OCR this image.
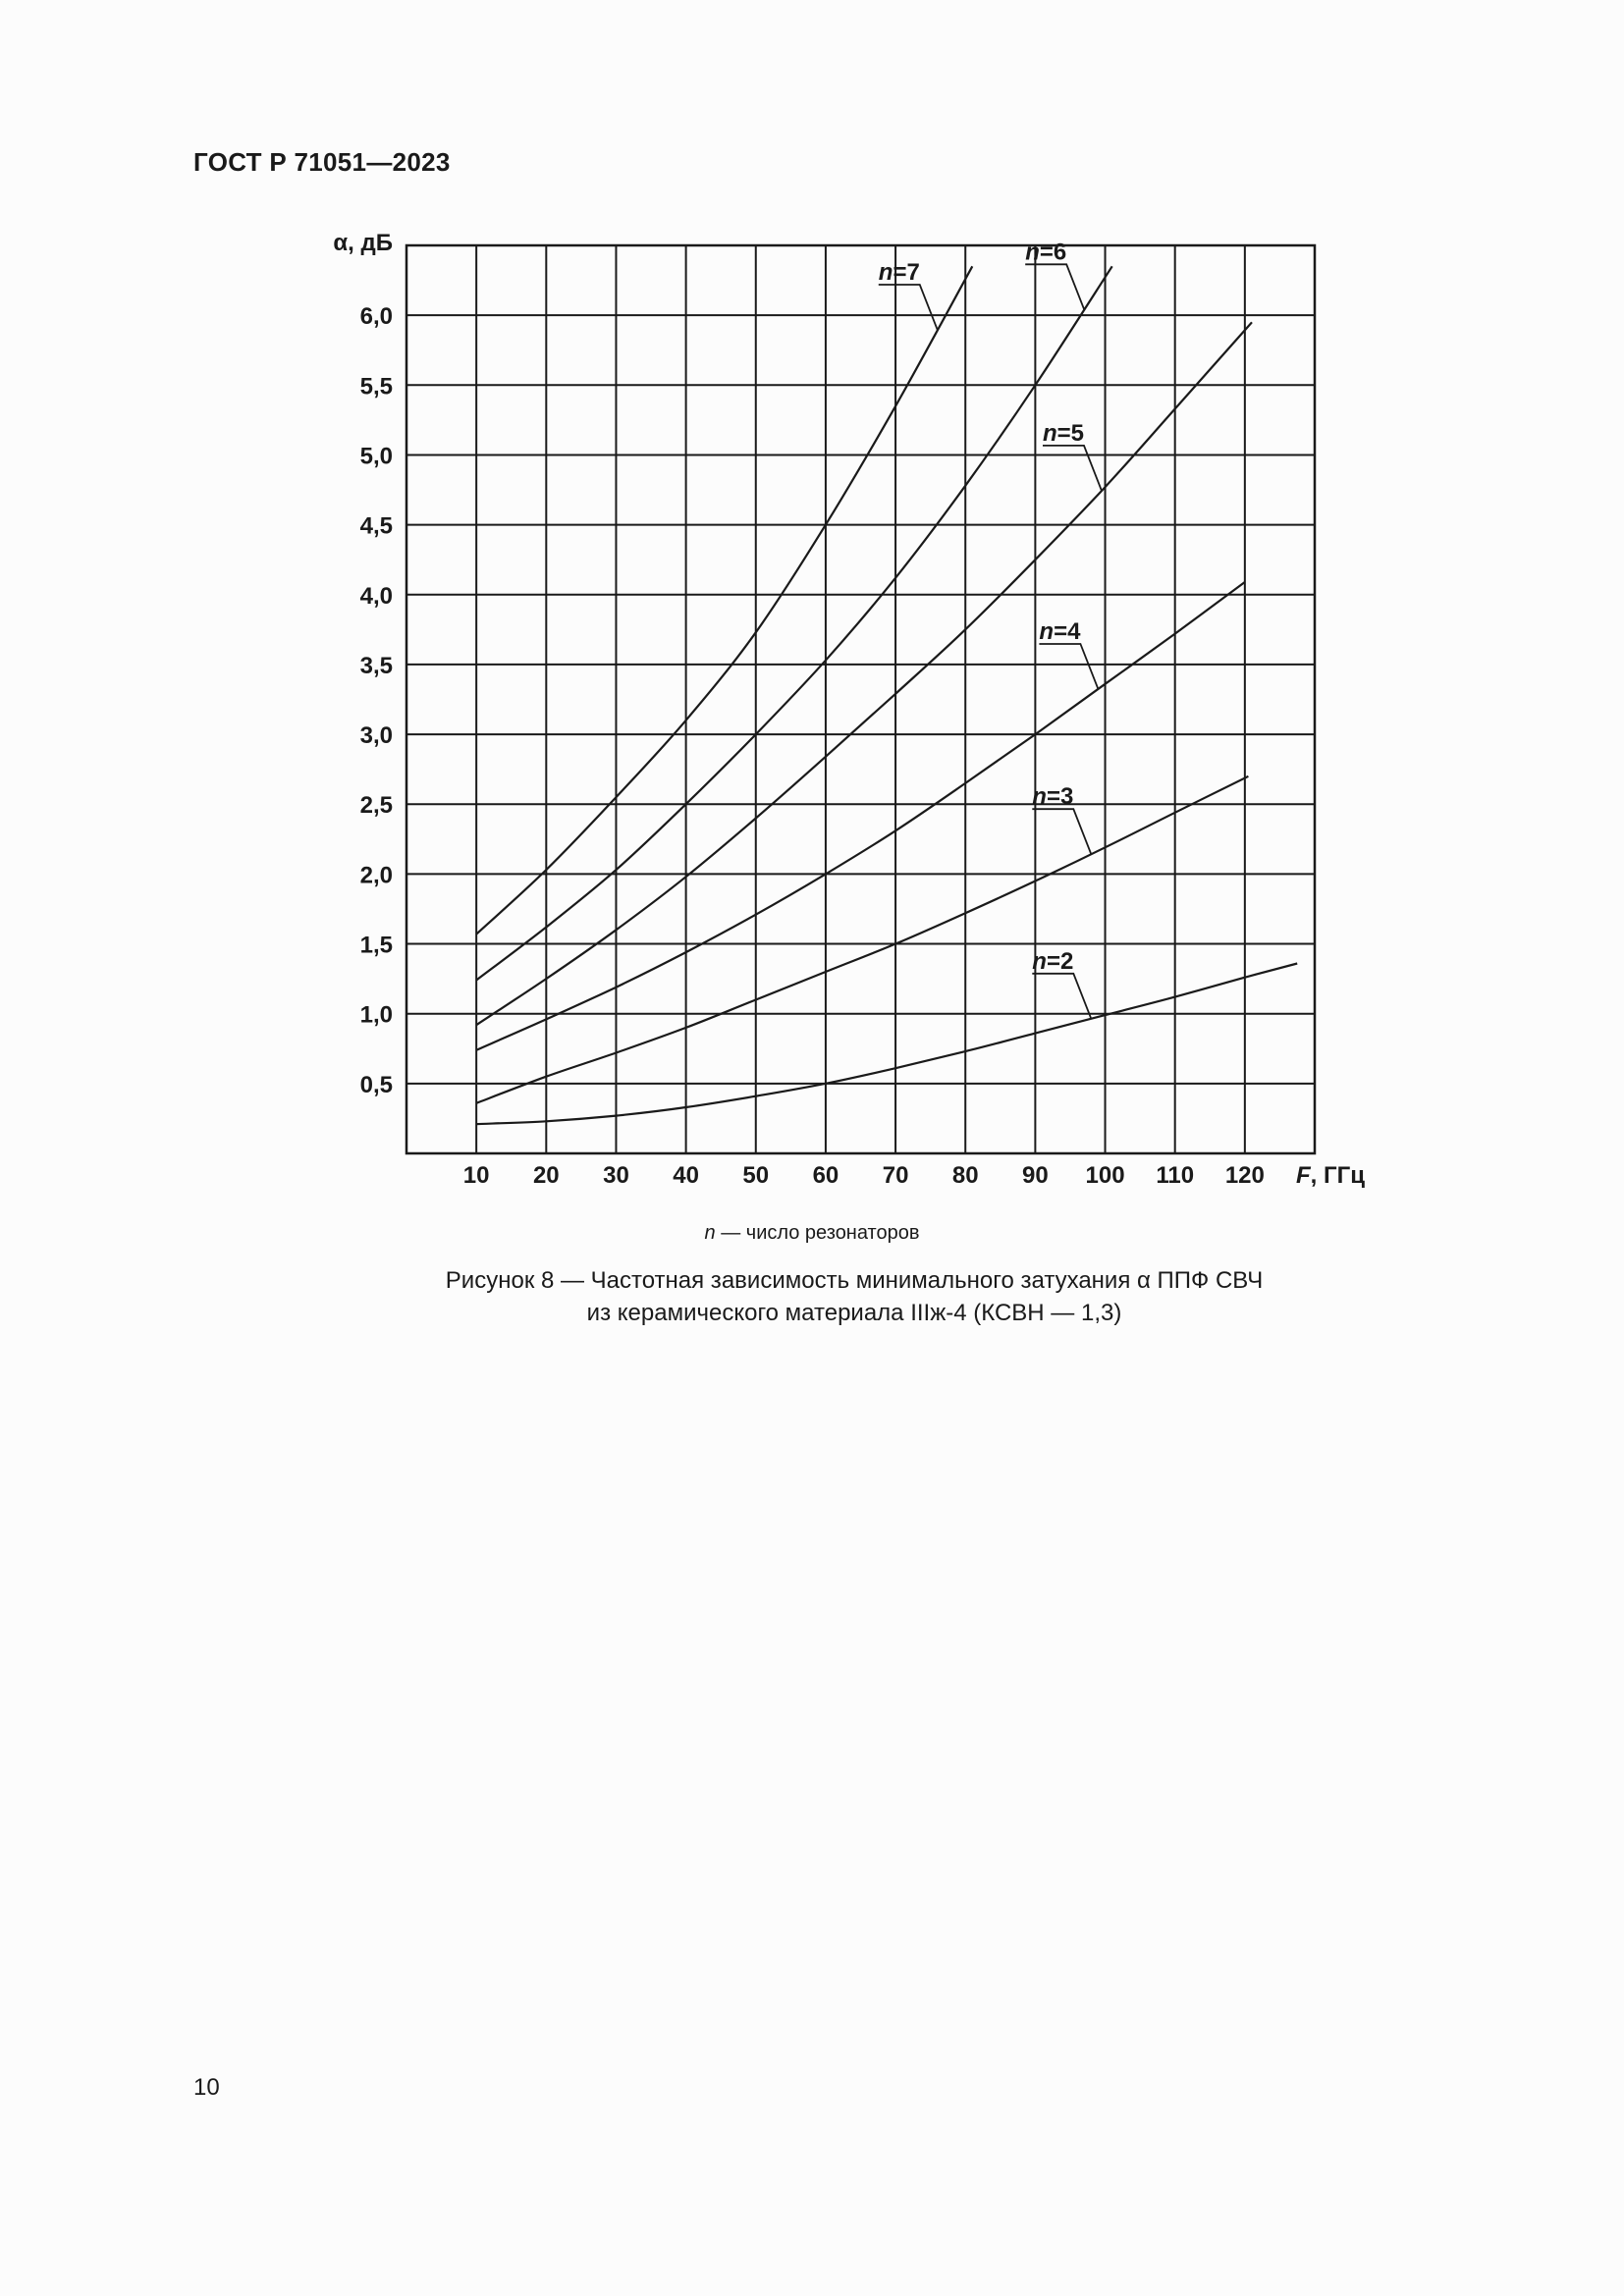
ГОСТ Р 71051—2023
10 20 30 40 50 60 70 80 90 100 110 120
0,5
1,0
1,5
2,0
2,5
3,0
3,5
4,0
4,5
5,0
5,5
6,0
α, дБ
F, ГГц
n=2
n=3
n=4
n=5
n=6
n=7
n — число резонаторов
Рисунок 8 — Частотная зависимость минимального затухания α ППФ СВЧ
из керамического материала IIIж-4 (КСВН — 1,3)
10
